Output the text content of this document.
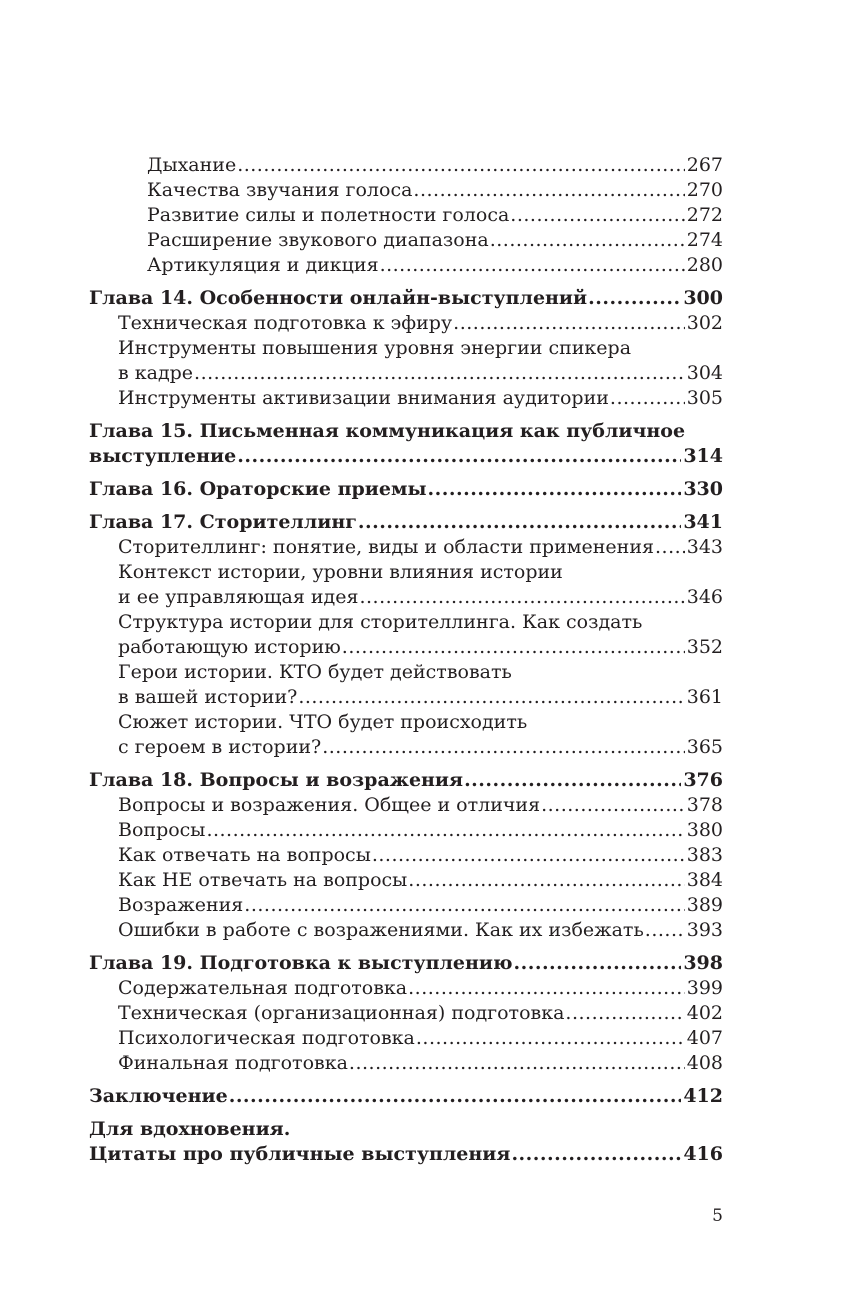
Дыхание .....	267
Качества звучания голоса .....	270
Развитие силы и полетности голоса .....	272
Расширение звукового диапазона .....	274
Артикуляция и дикция .....	280
Глава 14. Особенности онлайн-выступлений .....	300
Техническая подготовка к эфиру .....	302
Инструменты повышения уровня энергии спикера
в кадре .....	304
Инструменты активизации внимания аудитории .....	305
Глава 15. Письменная коммуникация как публичное
выступление .....	314
Глава 16. Ораторские приемы .....	330
Глава 17. Сторителлинг .....	341
Сторителлинг: понятие, виды и области применения ..... 343
Контекст истории, уровни влияния истории
и ее управляющая идея .....	346
Структура истории для сторителлинга. Как создать
работающую историю .....	352
Герои истории. КТО будет действовать
в вашей истории? .....	361
Сюжет истории. ЧТО будет происходить
с героем в истории? .....	365
Глава 18. Вопросы и возражения .....	376
Вопросы и возражения. Общее и отличия .....	378
Вопросы .....	380
Как отвечать на вопросы .....	383
Как НЕ отвечать на вопросы .....	384
Возражения .....	389
Ошибки в работе с возражениями. Как их избежать ..... 393
Глава 19. Подготовка к выступлению .....	398
Содержательная подготовка .....	399
Техническая (организационная) подготовка .....	402
Психологическая подготовка .....	407
Финальная подготовка .....	408
Заключение .....	412
Для вдохновения.
Цитаты про публичные выступления .....	416
5
